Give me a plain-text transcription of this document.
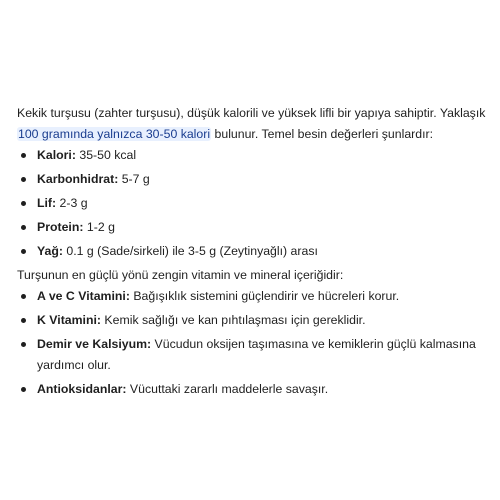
Kekik turşusu (zahter turşusu), düşük kalorili ve yüksek lifli bir yapıya sahiptir. Yaklaşık 100 gramında yalnızca 30-50 kalori bulunur. Temel besin değerleri şunlardır:

Kalori: 35-50 kcal
Karbonhidrat: 5-7 g
Lif: 2-3 g
Protein: 1-2 g
Yağ: 0.1 g (Sade/sirkeli) ile 3-5 g (Zeytinyağlı) arası

Turşunun en güçlü yönü zengin vitamin ve mineral içeriğidir:

A ve C Vitamini: Bağışıklık sistemini güçlendirir ve hücreleri korur.
K Vitamini: Kemik sağlığı ve kan pıhtılaşması için gereklidir.
Demir ve Kalsiyum: Vücudun oksijen taşımasına ve kemiklerin güçlü kalmasına yardımcı olur.
Antioksidanlar: Vücuttaki zararlı maddelerle savaşır.
